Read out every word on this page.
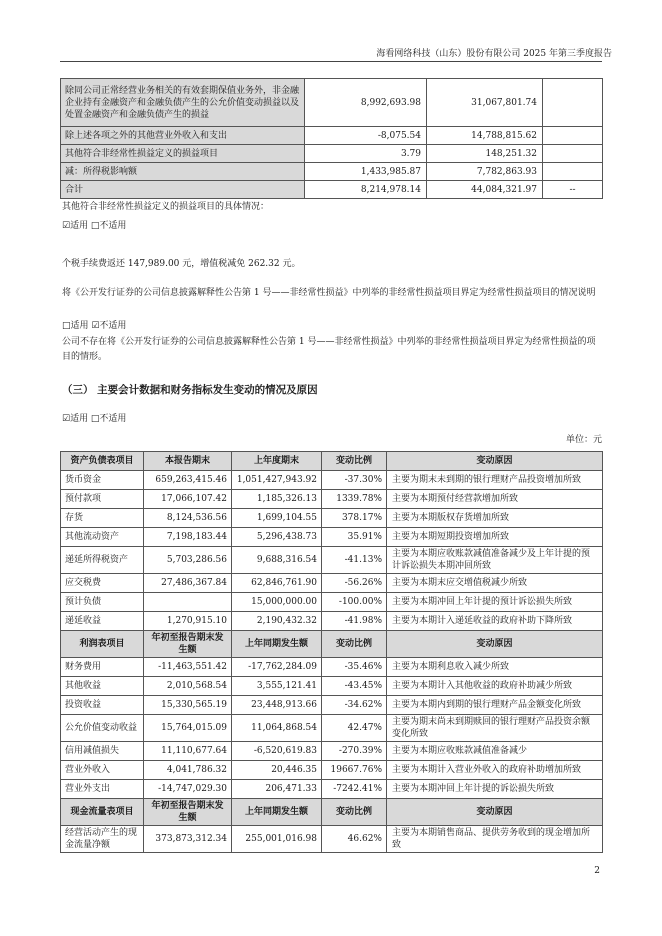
海看网络科技（山东）股份有限公司 2025 年第三季度报告
除同公司正常经营业务相关的有效套期保值业务外，非金融企业持有金融资产和金融负债产生的公允价值变动损益以及处置金融资产和金融负债产生的损益	8,992,693.98	31,067,801.74	
除上述各项之外的其他营业外收入和支出	-8,075.54	14,788,815.62	
其他符合非经常性损益定义的损益项目	3.79	148,251.32	
减：所得税影响额	1,433,985.87	7,782,863.93	
合计	8,214,978.14	44,084,321.97	--
其他符合非经常性损益定义的损益项目的具体情况：
☑适用 □不适用
个税手续费返还 147,989.00 元，增值税减免 262.32 元。
将《公开发行证券的公司信息披露解释性公告第 1 号——非经常性损益》中列举的非经常性损益项目界定为经常性损益项目的情况说明
□适用 ☑不适用
公司不存在将《公开发行证券的公司信息披露解释性公告第 1 号——非经常性损益》中列举的非经常性损益项目界定为经常性损益的项目的情形。
（三） 主要会计数据和财务指标发生变动的情况及原因
☑适用 □不适用
单位：元
资产负债表项目	本报告期末	上年度期末	变动比例	变动原因
货币资金	659,263,415.46	1,051,427,943.92	-37.30%	主要为期末未到期的银行理财产品投资增加所致
预付款项	17,066,107.42	1,185,326.13	1339.78%	主要为本期预付经营款增加所致
存货	8,124,536.56	1,699,104.55	378.17%	主要为本期版权存货增加所致
其他流动资产	7,198,183.44	5,296,438.73	35.91%	主要为本期短期投资增加所致
递延所得税资产	5,703,286.56	9,688,316.54	-41.13%	主要为本期应收账款减值准备减少及上年计提的预计诉讼损失本期冲回所致
应交税费	27,486,367.84	62,846,761.90	-56.26%	主要为本期末应交增值税减少所致
预计负债		15,000,000.00	-100.00%	主要为本期冲回上年计提的预计诉讼损失所致
递延收益	1,270,915.10	2,190,432.32	-41.98%	主要为本期计入递延收益的政府补助下降所致
利润表项目	年初至报告期末发生额	上年同期发生额	变动比例	变动原因
财务费用	-11,463,551.42	-17,762,284.09	-35.46%	主要为本期利息收入减少所致
其他收益	2,010,568.54	3,555,121.41	-43.45%	主要为本期计入其他收益的政府补助减少所致
投资收益	15,330,565.19	23,448,913.66	-34.62%	主要为本期内到期的银行理财产品金额变化所致
公允价值变动收益	15,764,015.09	11,064,868.54	42.47%	主要为期末尚未到期赎回的银行理财产品投资余额变化所致
信用减值损失	11,110,677.64	-6,520,619.83	-270.39%	主要为本期应收账款减值准备减少
营业外收入	4,041,786.32	20,446.35	19667.76%	主要为本期计入营业外收入的政府补助增加所致
营业外支出	-14,747,029.30	206,471.33	-7242.41%	主要为本期冲回上年计提的诉讼损失所致
现金流量表项目	年初至报告期末发生额	上年同期发生额	变动比例	变动原因
经营活动产生的现金流量净额	373,873,312.34	255,001,016.98	46.62%	主要为本期销售商品、提供劳务收到的现金增加所致
2
